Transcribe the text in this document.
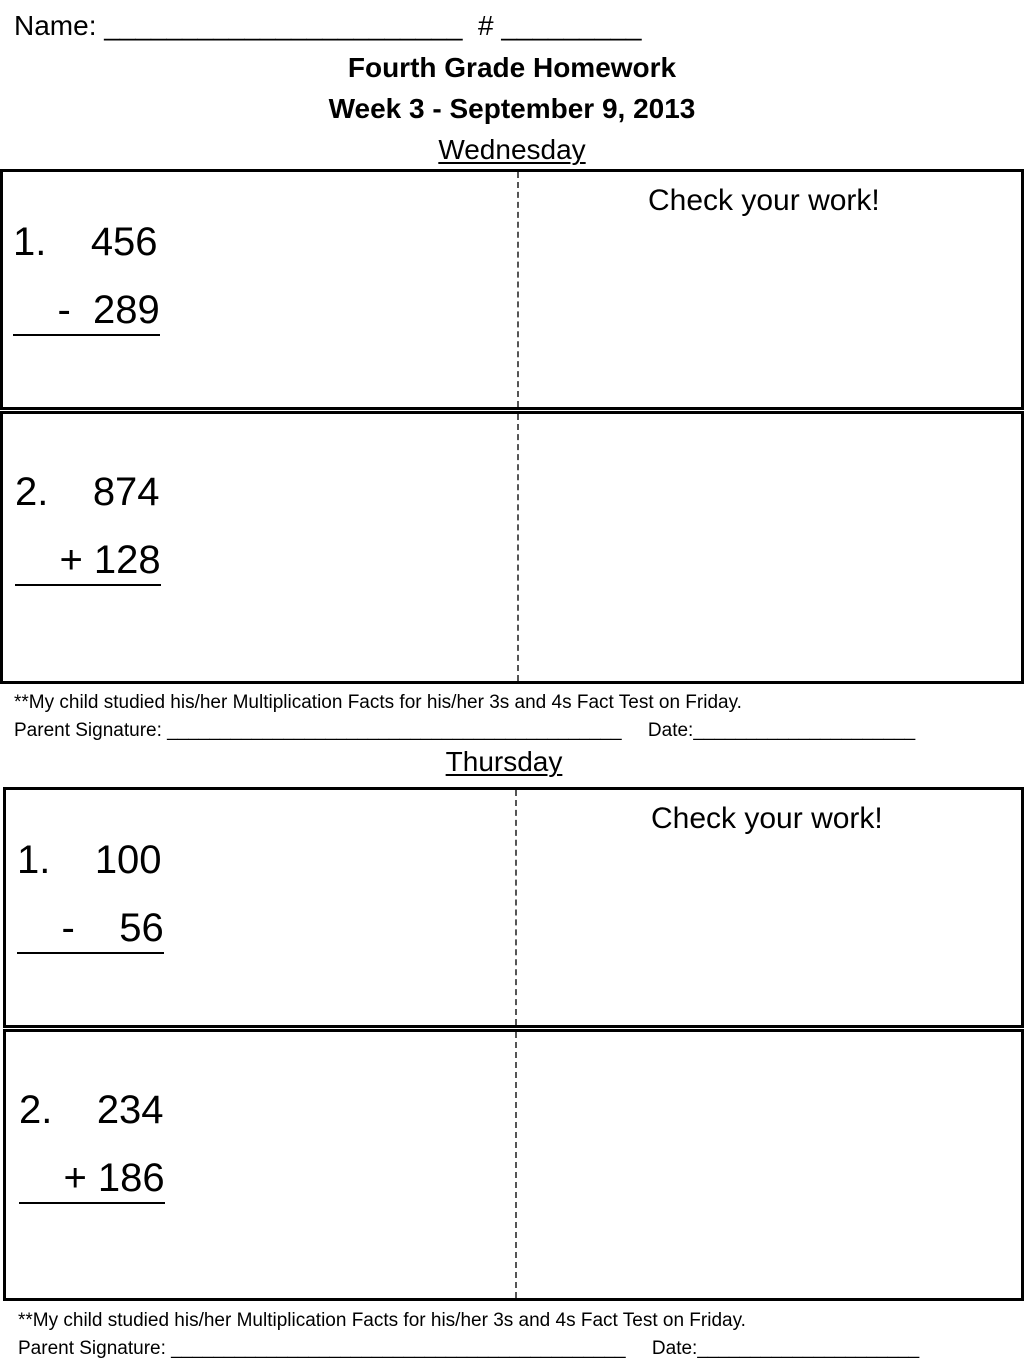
Name: _______________________  # _________
Fourth Grade Homework
Week 3 - September 9, 2013
Wednesday
Check your work!
1.    456
-  289
2.    874
+ 128
**My child studied his/her Multiplication Facts for his/her 3s and 4s Fact Test on Friday.
Parent Signature: ___________________________________________     Date:_____________________
Thursday
Check your work!
1.    100
-    56
2.    234
+ 186
**My child studied his/her Multiplication Facts for his/her 3s and 4s Fact Test on Friday.
Parent Signature: ___________________________________________     Date:_____________________
